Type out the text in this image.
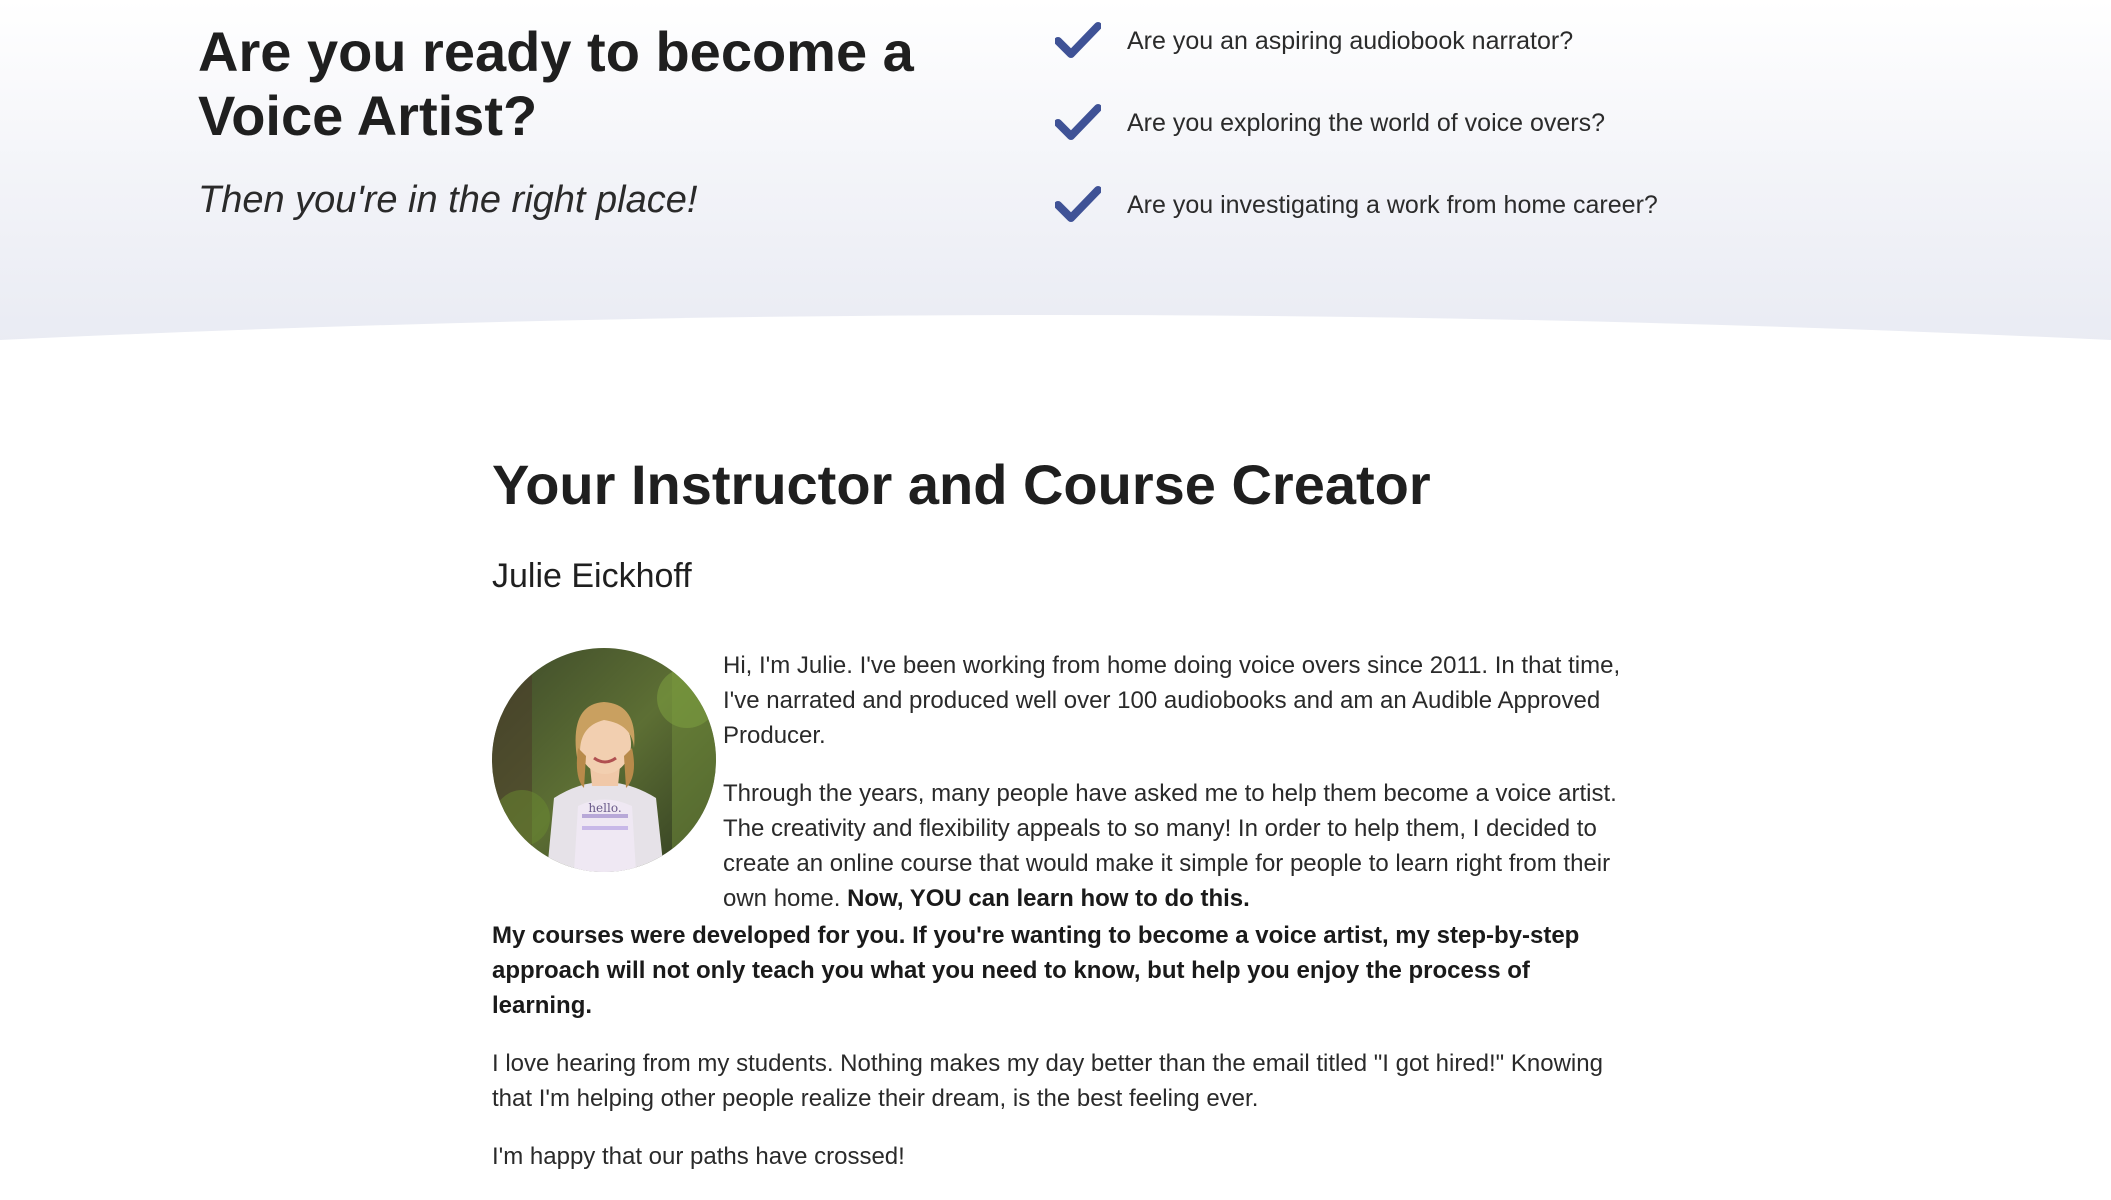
Are you ready to become a Voice Artist?

Then you're in the right place!

Are you an aspiring audiobook narrator?
Are you exploring the world of voice overs?
Are you investigating a work from home career?
Your Instructor and Course Creator
Julie Eickhoff
hello.

Hi, I'm Julie. I've been working from home doing voice overs since 2011. In that time, I've narrated and produced well over 100 audiobooks and am an Audible Approved Producer.

Through the years, many people have asked me to help them become a voice artist. The creativity and flexibility appeals to so many! In order to help them, I decided to create an online course that would make it simple for people to learn right from their own home. Now, YOU can learn how to do this.

My courses were developed for you. If you're wanting to become a voice artist, my step-by-step approach will not only teach you what you need to know, but help you enjoy the process of learning.

I love hearing from my students. Nothing makes my day better than the email titled "I got hired!" Knowing that I'm helping other people realize their dream, is the best feeling ever.

I'm happy that our paths have crossed!
